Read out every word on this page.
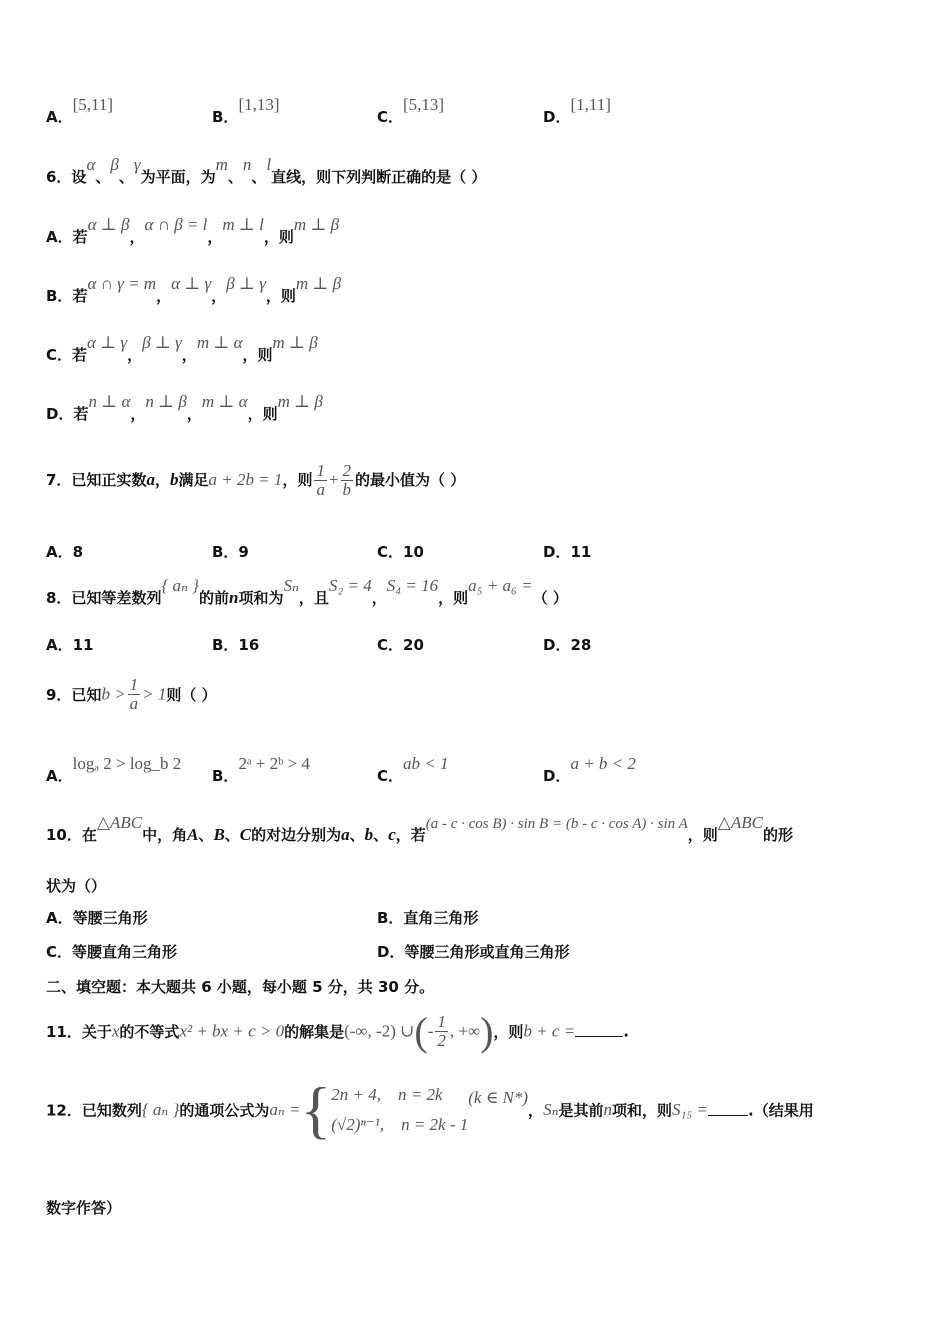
A．[5,11]
B．[1,13]
C．[5,13]
D．[1,11]
6．设α、β、γ为平面，为m、n、l直线，则下列判断正确的是（ ）
A．若α ⊥ β，α ∩ β = l，m ⊥ l，则m ⊥ β
B．若α ∩ γ = m，α ⊥ γ，β ⊥ γ，则m ⊥ β
C．若α ⊥ γ，β ⊥ γ，m ⊥ α，则m ⊥ β
D．若n ⊥ α，n ⊥ β，m ⊥ α，则m ⊥ β
7．已知正实数a，b满足a + 2b = 1，则 $\frac{1}{a} + \frac{2}{b}$ 的最小值为（ ）
A．8	B．9	C．10	D．11
8．已知等差数列{ aₙ }的前n项和为Sₙ，且S₂ = 4，S₄ = 16，则a₅ + a₆ =（ ）
A．11	B．16	C．20	D．28
9．已知$b > \frac{1}{a} > 1$则（ ）
A．logₐ 2 > log_b 2
B．2ᵃ + 2ᵇ > 4
C．ab < 1
D．a + b < 2
10．在△ABC中，角A、B、C的对边分别为a、b、c，若(a - c · cos B) · sin B = (b - c · cos A) · sin A，则△ABC的形
状为（）
A．等腰三角形	B．直角三角形
C．等腰直角三角形	D．等腰三角形或直角三角形
二、填空题：本大题共 6 小题，每小题 5 分，共 30 分。
11．关于x的不等式x² + bx + c > 0的解集是(-∞, -2) ∪(- $\frac{1}{2}$ , +∞)，则b + c =	.
12．已知数列{ aₙ }的通项公式为aₙ ={ 2n + 4, n = 2k
(√2)ⁿ⁻¹, n = 2k - 1
(k ∈ N*)，Sₙ是其前n项和，则S₁₅ =	.（结果用
数字作答）
